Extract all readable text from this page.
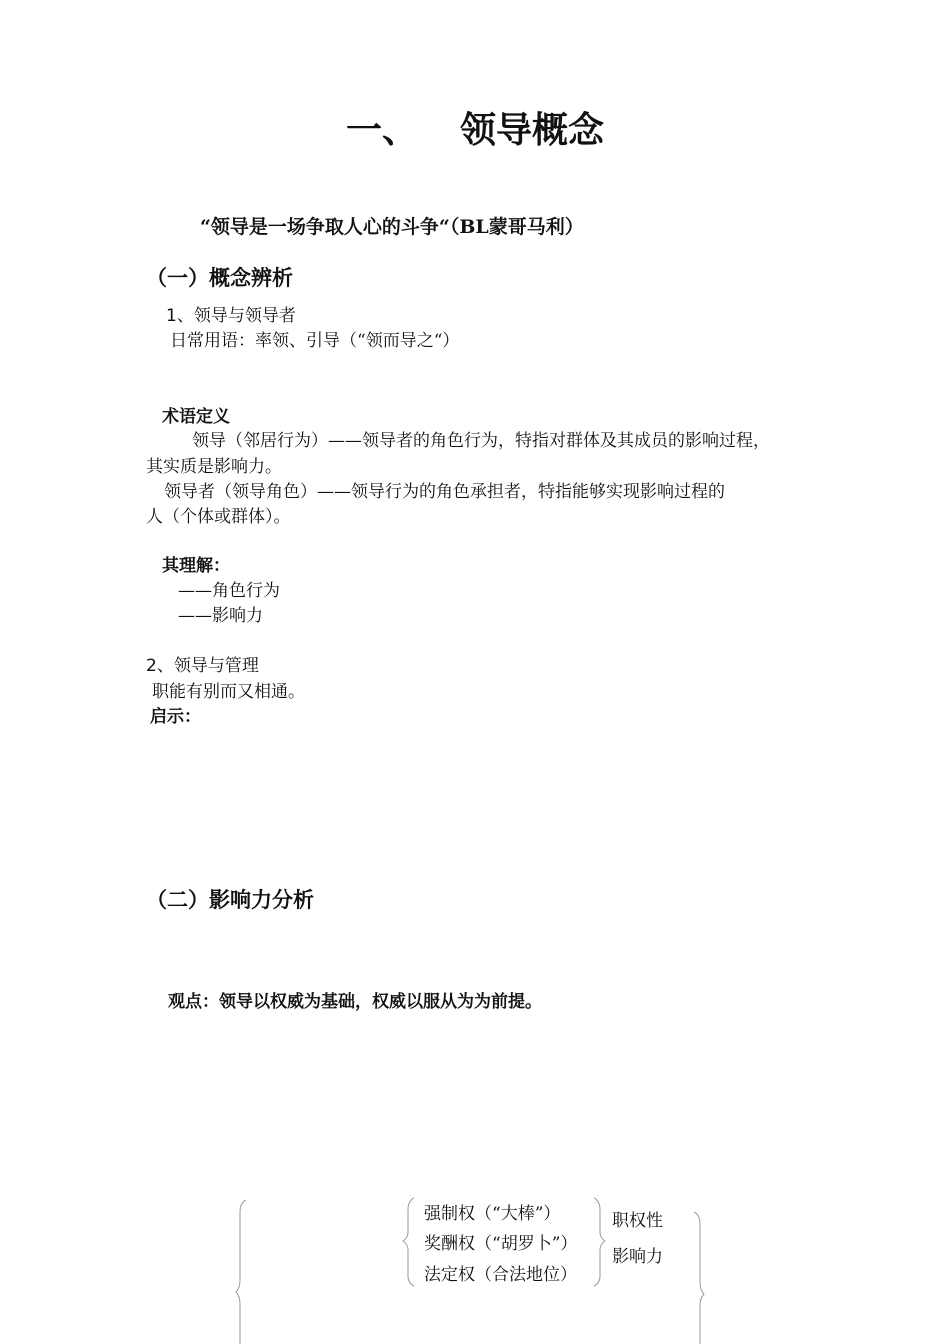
一、 领导概念
“领导是一场争取人心的斗争“（BL蒙哥马利）
（一）概念辨析
1、领导与领导者
日常用语：率领、引导（“领而导之“）
术语定义
领导（邻居行为）——领导者的角色行为，特指对群体及其成员的影响过程，
其实质是影响力。
领导者（领导角色）——领导行为的角色承担者，特指能够实现影响过程的
人（个体或群体）。
其理解：
——角色行为
——影响力
2、领导与管理
职能有别而又相通。
启示：
（二）影响力分析
观点：领导以权威为基础，权威以服从为为前提。
强制权（“大棒”）
奖酬权（“胡罗卜”）
法定权（合法地位）
职权性
影响力
